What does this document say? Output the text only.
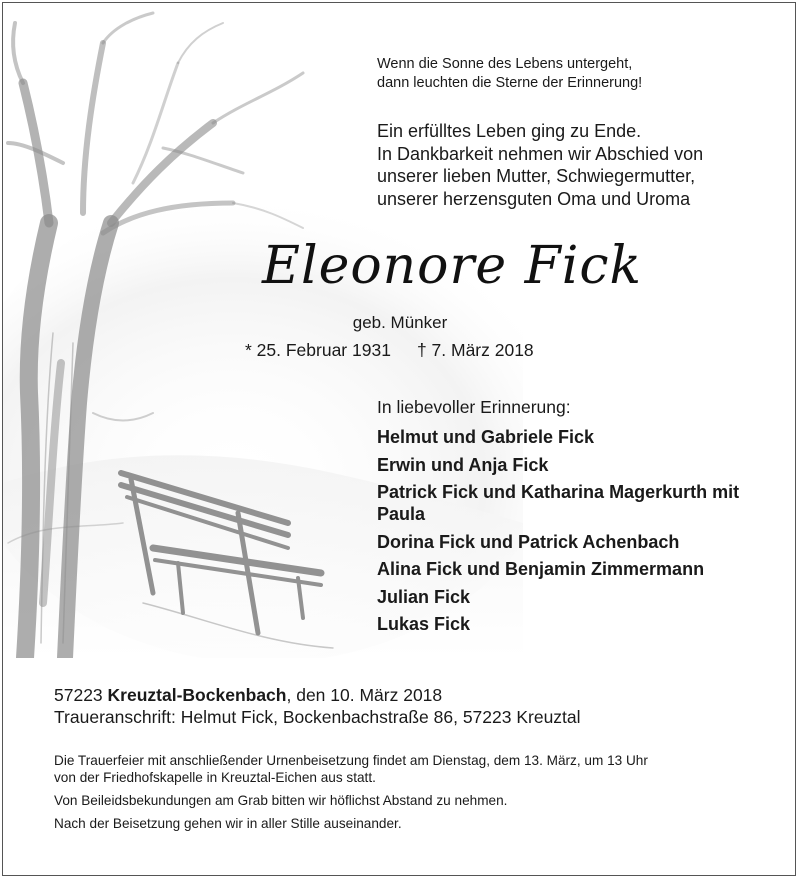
Wenn die Sonne des Lebens untergeht,
dann leuchten die Sterne der Erinnerung!

Ein erfülltes Leben ging zu Ende.
In Dankbarkeit nehmen wir Abschied von
unserer lieben Mutter, Schwiegermutter,
unserer herzensguten Oma und Uroma

Eleonore Fick

geb. Münker

* 25. Februar 1931 † 7. März 2018

In liebevoller Erinnerung:

Helmut und Gabriele Fick
Erwin und Anja Fick
Patrick Fick und Katharina Magerkurth mit Paula
Dorina Fick und Patrick Achenbach
Alina Fick und Benjamin Zimmermann
Julian Fick
Lukas Fick

57223 Kreuztal-Bockenbach, den 10. März 2018

Traueranschrift: Helmut Fick, Bockenbachstraße 86, 57223 Kreuztal

Die Trauerfeier mit anschließender Urnenbeisetzung findet am Dienstag, dem 13. März, um 13 Uhr
von der Friedhofskapelle in Kreuztal-Eichen aus statt.

Von Beileidsbekundungen am Grab bitten wir höflichst Abstand zu nehmen.

Nach der Beisetzung gehen wir in aller Stille auseinander.
